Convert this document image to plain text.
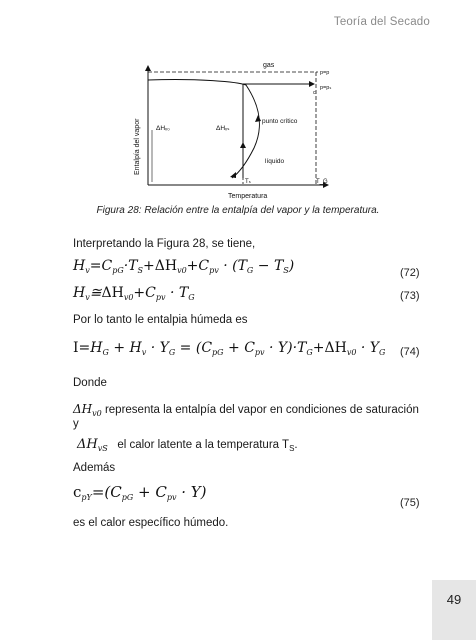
Teoría del Secado
gas
p=p
p=pₛ
c
ΔHᵥ₀	ΔHᵥₛ
punto crítico
líquido
Tₛ	T_G
Temperatura
Entalpía del vapor
Figura 28: Relación entre la entalpía del vapor y la temperatura.
Interpretando la Figura 28, se tiene,
$H_v=C_{pG}\cdot T_S+\Delta H_{v0}+C_{pv} \cdot (T_G - T_S)$	(72)
$H_v≅\Delta H_{v0}+C_{pv} \cdot T_G$	(73)
Por lo tanto le entalpia húmeda es
$I=H_G + H_v \cdot Y_G = (C_{pG} + C_{pv} \cdot Y)\cdot T_G+\Delta H_{v0} \cdot Y_G$ (74)
Donde
$\Delta H_{v0}$ representa la entalpía del vapor en condiciones de saturación
y
$\Delta H_{vS}$ el calor latente a la temperatura $T_S$.
Además
$c_{pY}=(C_{pG} + C_{pv} \cdot Y)$
(75)
es el calor específico húmedo.
49
